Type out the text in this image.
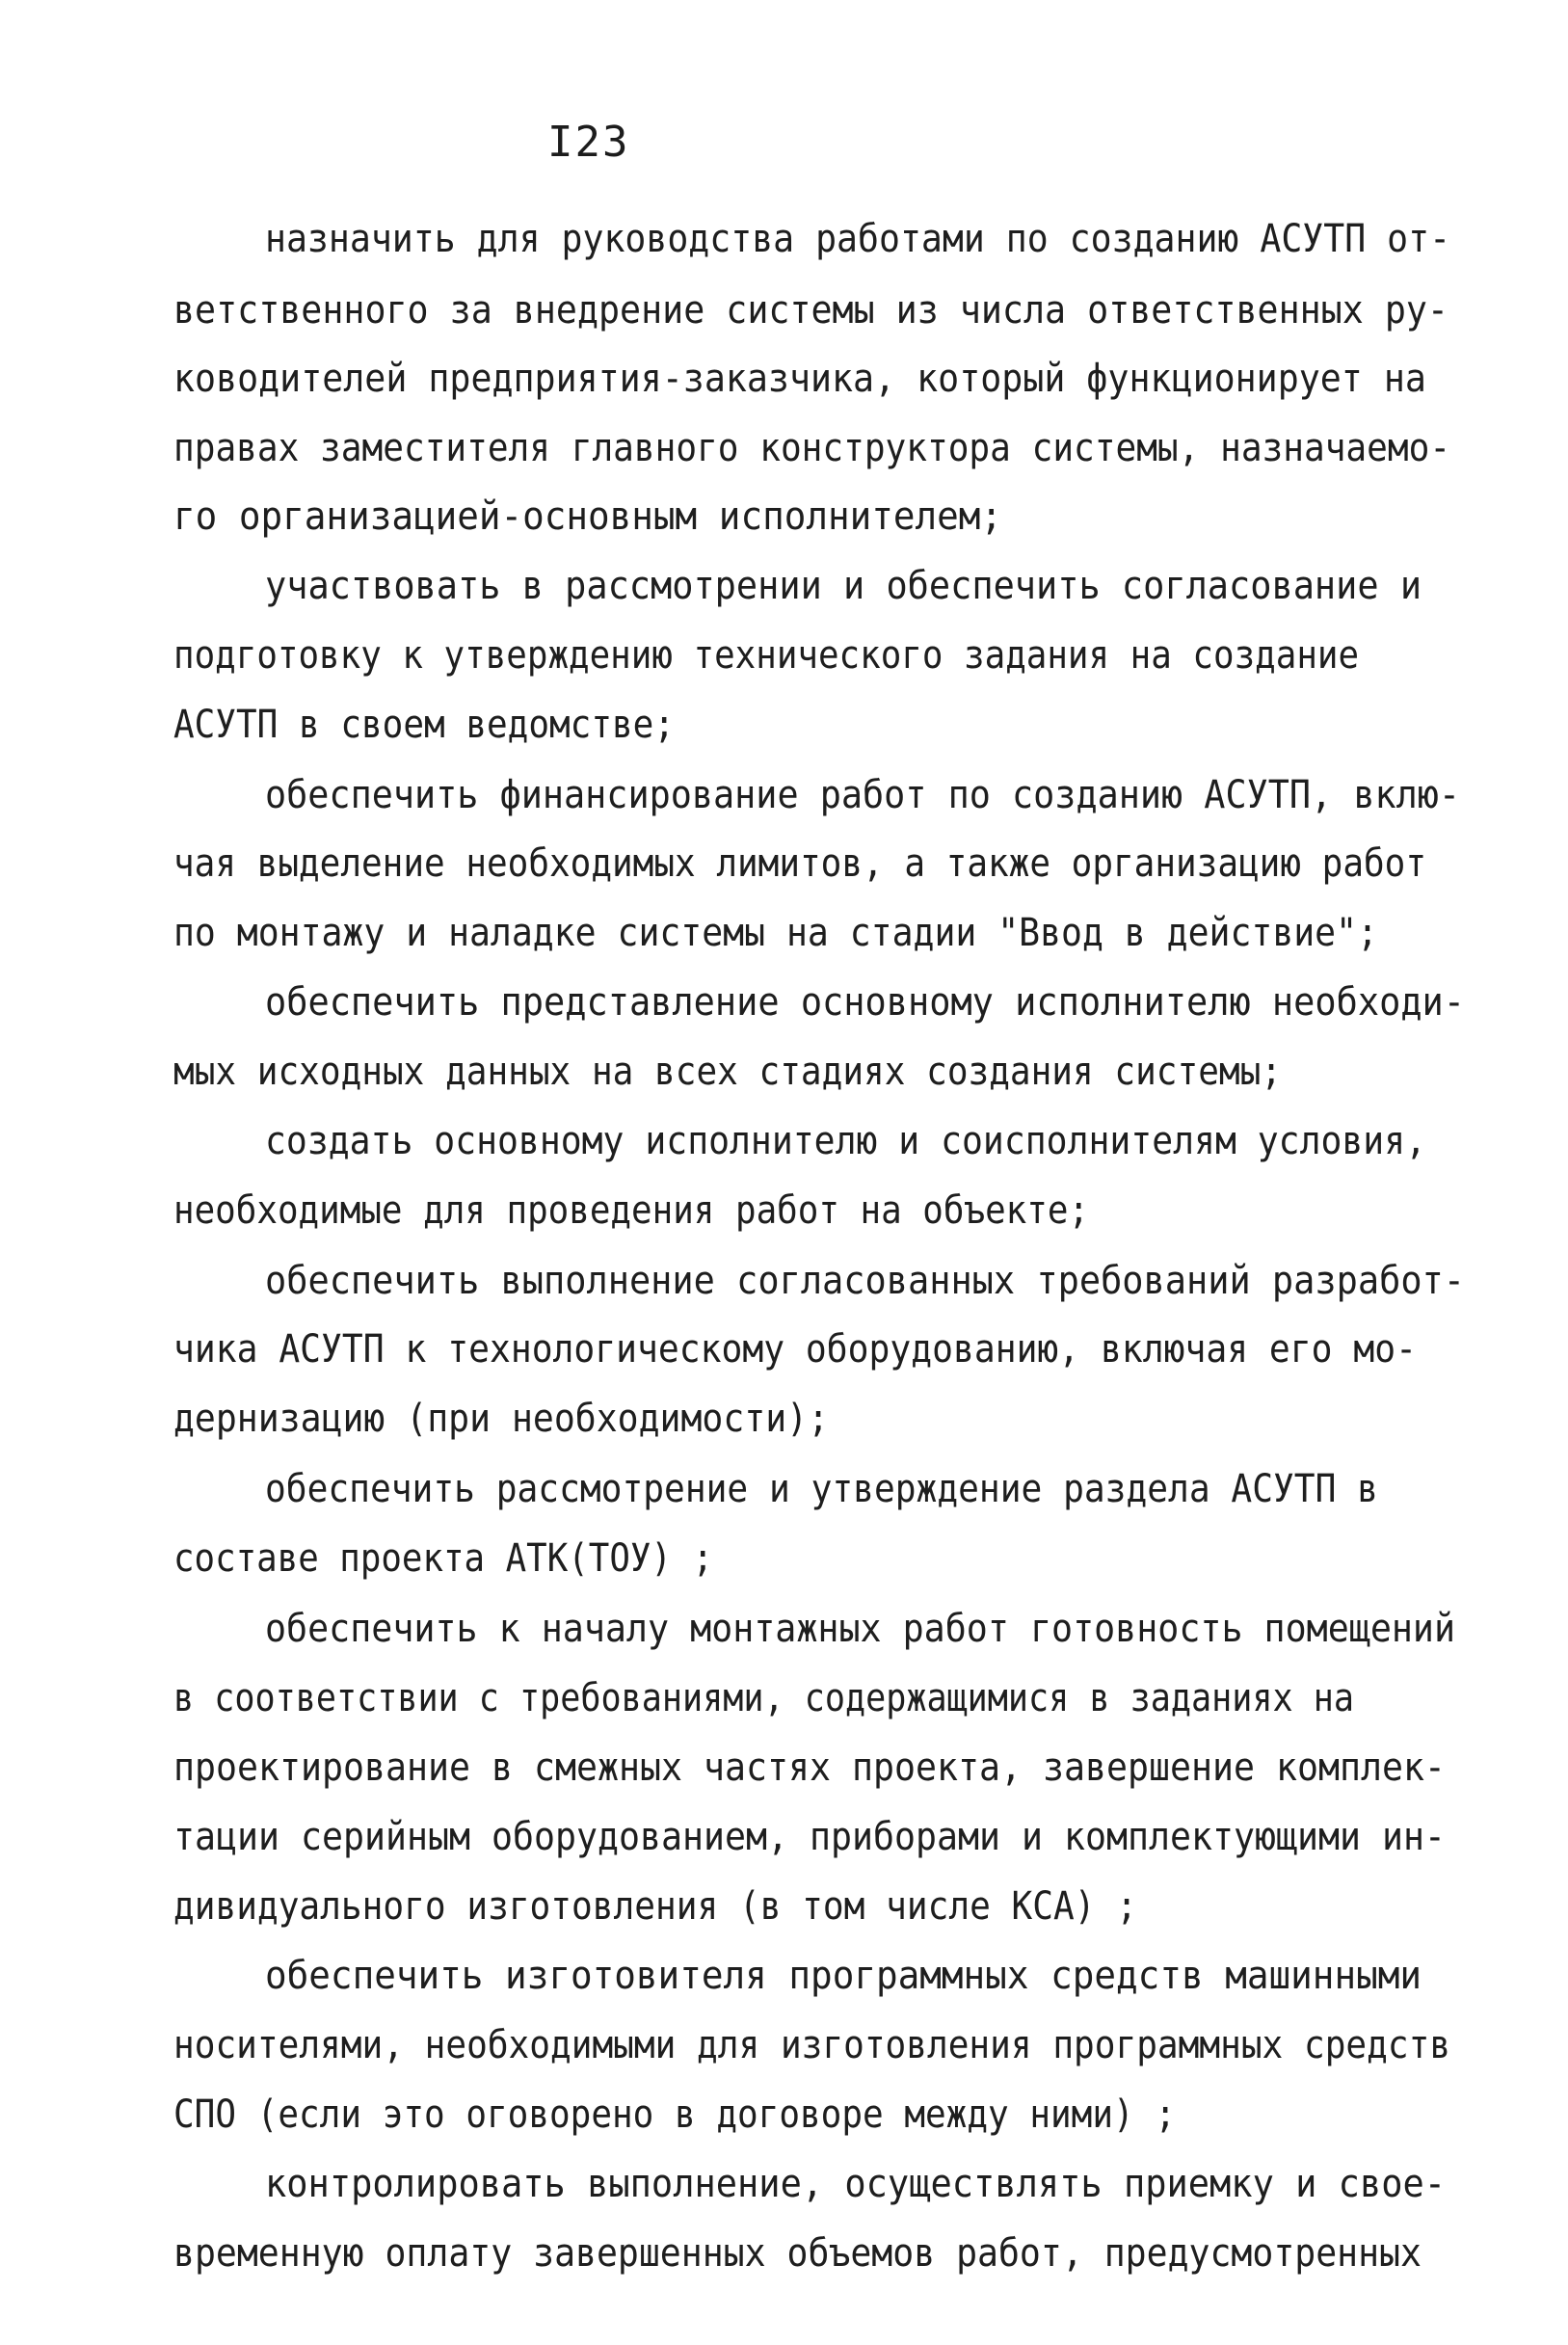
I23
назначить для руководства работами по созданию АСУТП от-
ветственного за внедрение системы из числа ответственных ру-
ководителей предприятия-заказчика, который функционирует на
правах заместителя главного конструктора системы, назначаемо-
го организацией-основным исполнителем;
участвовать в рассмотрении и обеспечить согласование и
подготовку к утверждению технического задания на создание
АСУТП в своем ведомстве;
обеспечить финансирование работ по созданию АСУТП, вклю-
чая выделение необходимых лимитов, а также организацию работ
по монтажу и наладке системы на стадии "Ввод в действие";
обеспечить представление основному исполнителю необходи-
мых исходных данных на всех стадиях создания системы;
создать основному исполнителю и соисполнителям условия,
необходимые для проведения работ на объекте;
обеспечить выполнение согласованных требований разработ-
чика АСУТП к технологическому оборудованию, включая его мо-
дернизацию (при необходимости);
обеспечить рассмотрение и утверждение раздела АСУТП в
составе проекта АТК(ТОУ) ;
обеспечить к началу монтажных работ готовность помещений
в соответствии с требованиями, содержащимися в заданиях на
проектирование в смежных частях проекта, завершение комплек-
тации серийным оборудованием, приборами и комплектующими ин-
дивидуального изготовления (в том числе КСА) ;
обеспечить изготовителя программных средств машинными
носителями, необходимыми для изготовления программных средств
СПО (если это оговорено в договоре между ними) ;
контролировать выполнение, осуществлять приемку и свое-
временную оплату завершенных объемов работ, предусмотренных
